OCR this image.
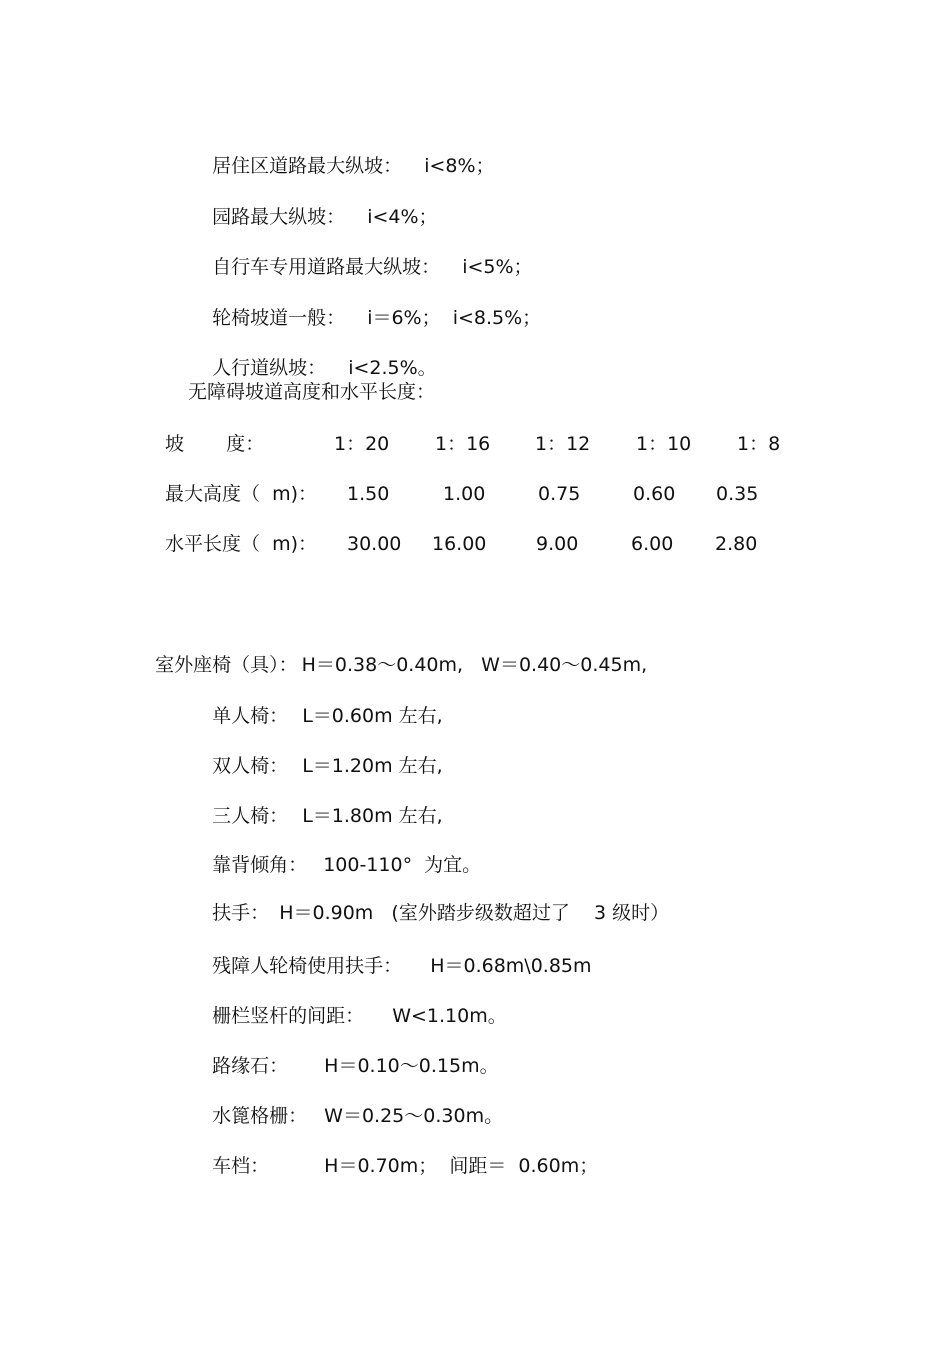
居住区道路最大纵坡： i<8%；

园路最大纵坡： i<4%；

自行车专用道路最大纵坡： i<5%；

轮椅坡道一般： i＝6%；  i<8.5%；

人行道纵坡： i<2.5%。

无障碍坡道高度和水平长度：
坡       度：	1：20 1：16 1：12 1：10 1：8
最大高度（  m)： 1.50	1.00	0.75	0.60 0.35
水平长度（  m)： 30.00 16.00	9.00	6.00 2.80

室外座椅（具）： H＝0.38～0.40m,   W＝0.40～0.45m,

单人椅： L＝0.60m 左右,

双人椅： L＝1.20m 左右,

三人椅： L＝1.80m 左右,

靠背倾角： 100-110°  为宜。

扶手： H＝0.90m   (室外踏步级数超过了    3 级时）

残障人轮椅使用扶手： H＝0.68m\0.85m

栅栏竖杆的间距： W<1.10m。

路缘石： H＝0.10～0.15m。

水篦格栅： W＝0.25～0.30m。

车档：	H＝0.70m；  间距＝  0.60m；
